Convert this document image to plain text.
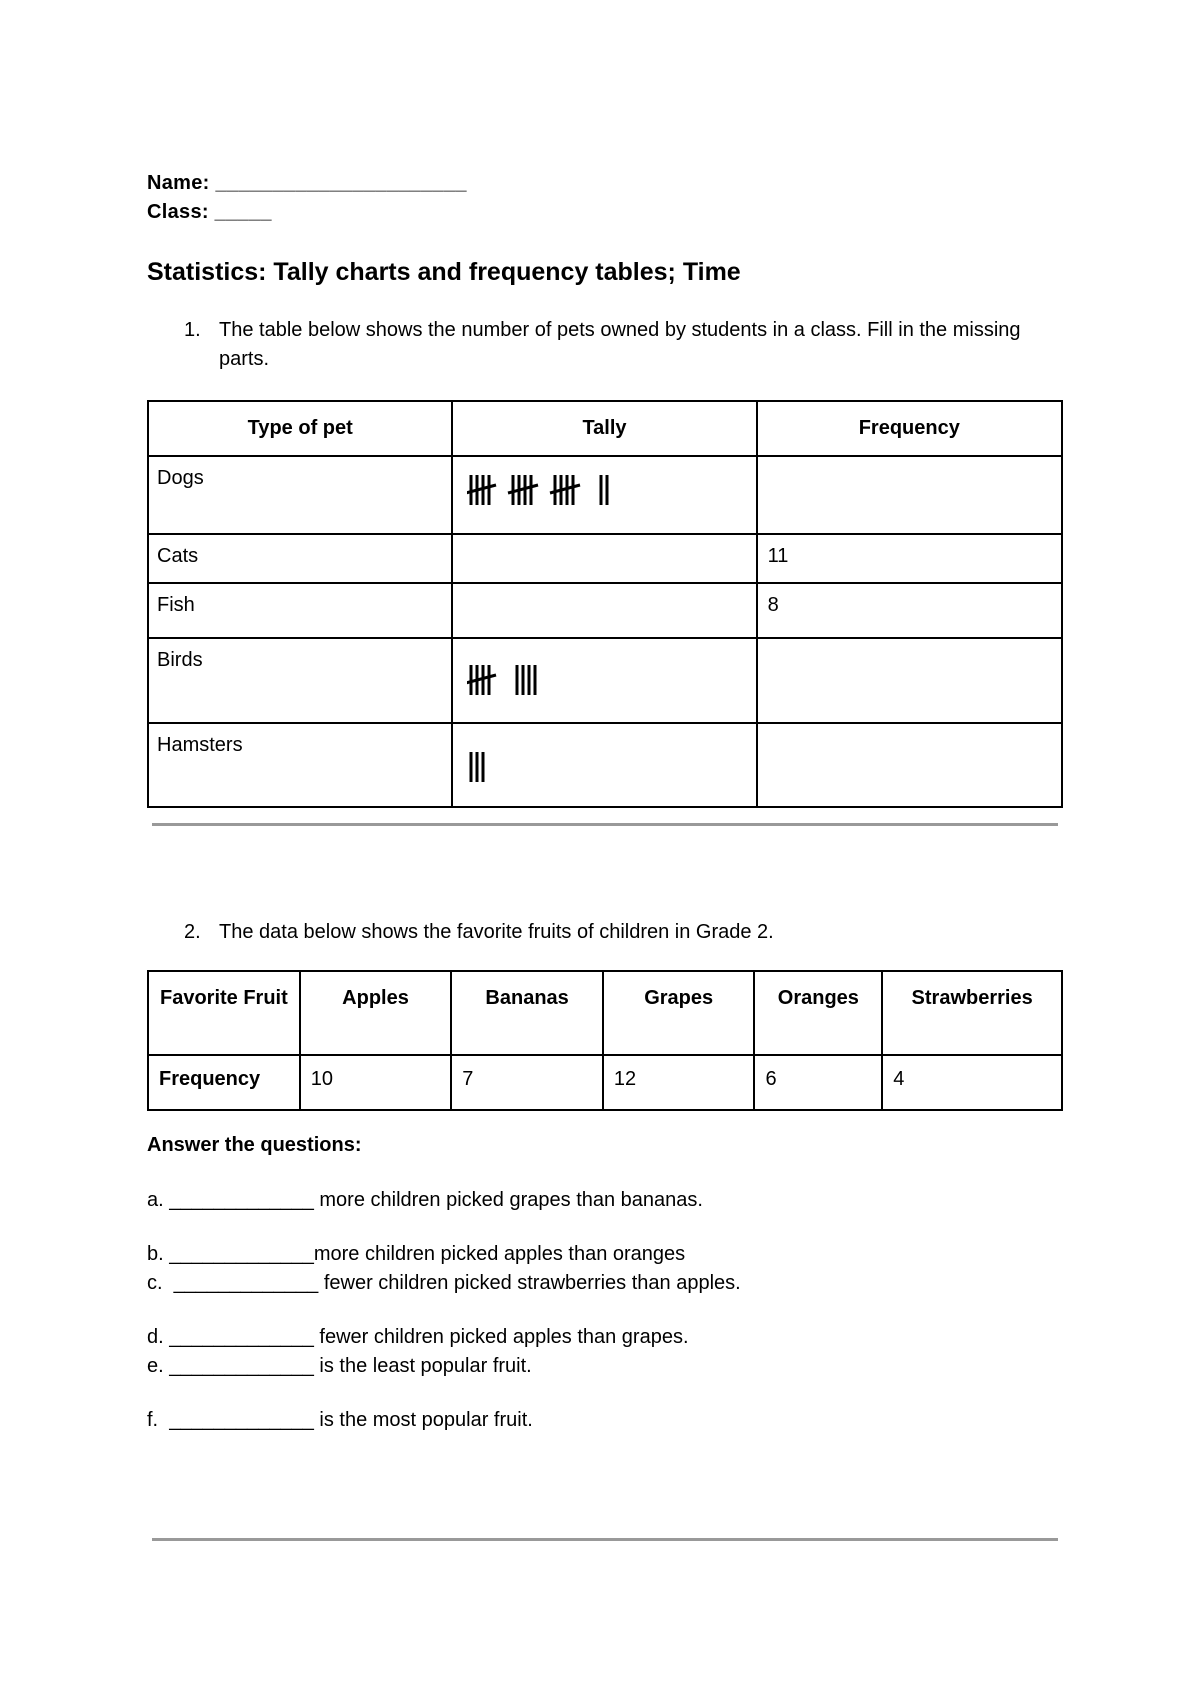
Name: ______________________
Class: _____
Statistics: Tally charts and frequency tables; Time
1. The table below shows the number of pets owned by students in a class. Fill in the missing parts.
Type of pet	Tally	Frequency
Dogs	

Cats		11
Fish		8
Birds	

Hamsters	

2. The data below shows the favorite fruits of children in Grade 2.
Favorite Fruit	Apples	Bananas	Grapes	Oranges	Strawberries
Frequency	10	7	12	6	4
Answer the questions:
a. _____________ more children picked grapes than bananas.
b. _____________more children picked apples than oranges
c.  _____________ fewer children picked strawberries than apples.
d. _____________ fewer children picked apples than grapes.
e. _____________ is the least popular fruit.
f.  _____________ is the most popular fruit.
